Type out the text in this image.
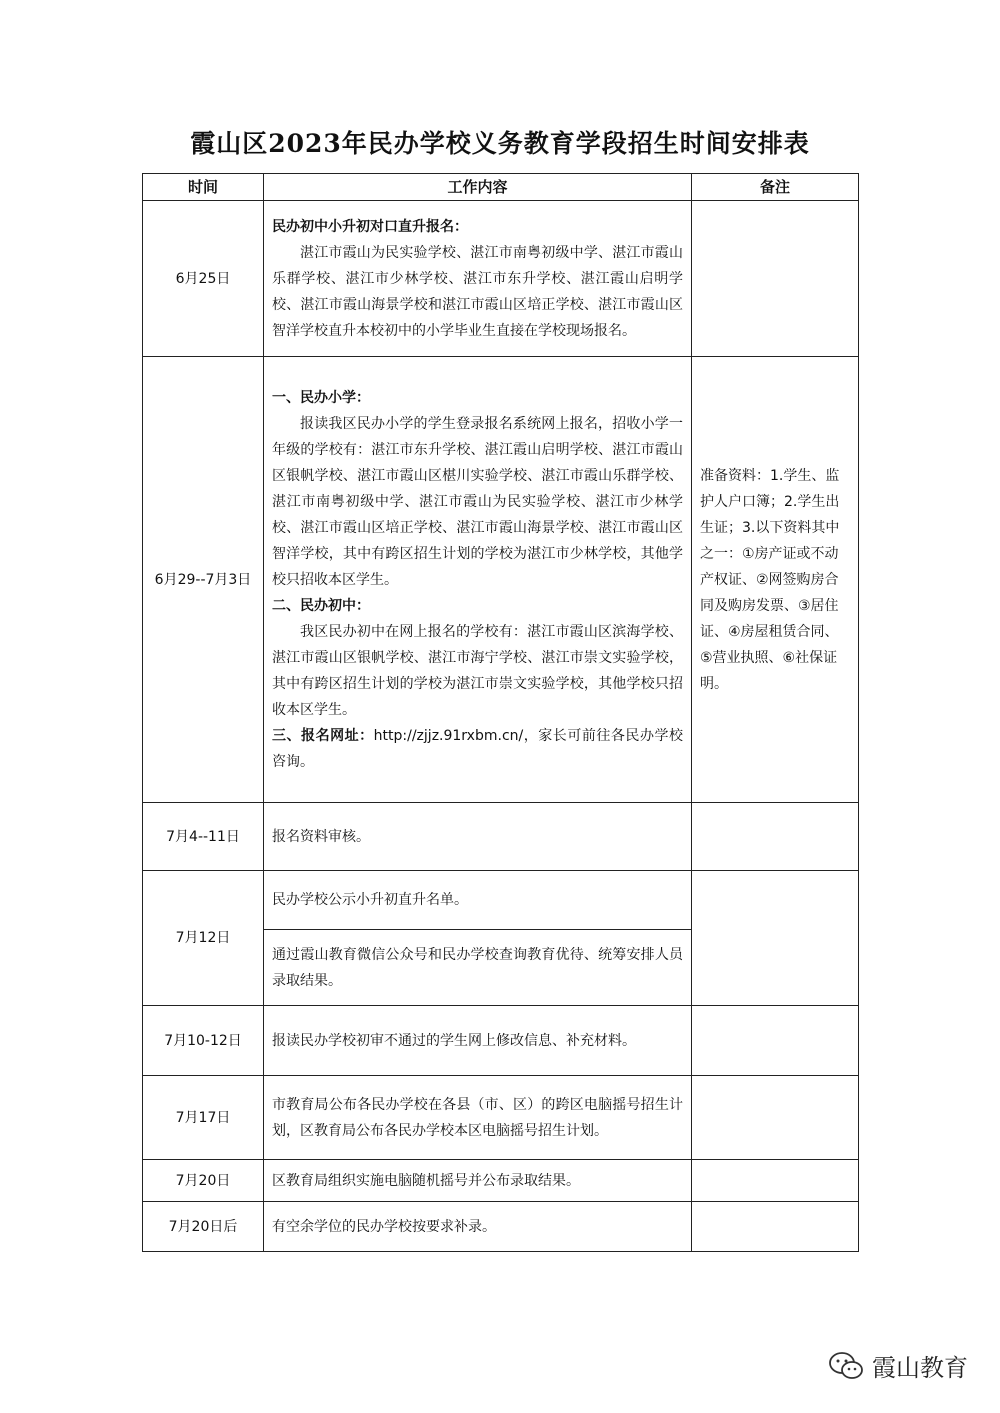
霞山区2023年民办学校义务教育学段招生时间安排表
时间	工作内容	备注
6月25日	民办初中小升初对口直升报名：
湛江市霞山为民实验学校、湛江市南粤初级中学、湛江市霞山乐群学校、湛江市少林学校、湛江市东升学校、湛江霞山启明学校、湛江市霞山海景学校和湛江市霞山区培正学校、湛江市霞山区智洋学校直升本校初中的小学毕业生直接在学校现场报名。	

6月29--7月3日	一、民办小学：
报读我区民办小学的学生登录报名系统网上报名，招收小学一年级的学校有：湛江市东升学校、湛江霞山启明学校、湛江市霞山区银帆学校、湛江市霞山区椹川实验学校、湛江市霞山乐群学校、湛江市南粤初级中学、湛江市霞山为民实验学校、湛江市少林学校、湛江市霞山区培正学校、湛江市霞山海景学校、湛江市霞山区智洋学校，其中有跨区招生计划的学校为湛江市少林学校，其他学校只招收本区学生。
二、民办初中：
我区民办初中在网上报名的学校有：湛江市霞山区滨海学校、湛江市霞山区银帆学校、湛江市海宁学校、湛江市崇文实验学校，其中有跨区招生计划的学校为湛江市崇文实验学校，其他学校只招收本区学生。
三、报名网址：http://zjjz.91rxbm.cn/，家长可前往各民办学校咨询。	准备资料：1.学生、监护人户口簿；2.学生出生证；3.以下资料其中之一：①房产证或不动产权证、②网签购房合同及购房发票、③居住证、④房屋租赁合同、⑤营业执照、⑥社保证明。
7月4--11日	报名资料审核。	
7月12日	民办学校公示小升初直升名单。	
	通过霞山教育微信公众号和民办学校查询教育优待、统筹安排人员录取结果。	
7月10-12日	报读民办学校初审不通过的学生网上修改信息、补充材料。	
7月17日	市教育局公布各民办学校在各县（市、区）的跨区电脑摇号招生计划，区教育局公布各民办学校本区电脑摇号招生计划。	
7月20日	区教育局组织实施电脑随机摇号并公布录取结果。	
7月20日后	有空余学位的民办学校按要求补录。	
霞山教育
